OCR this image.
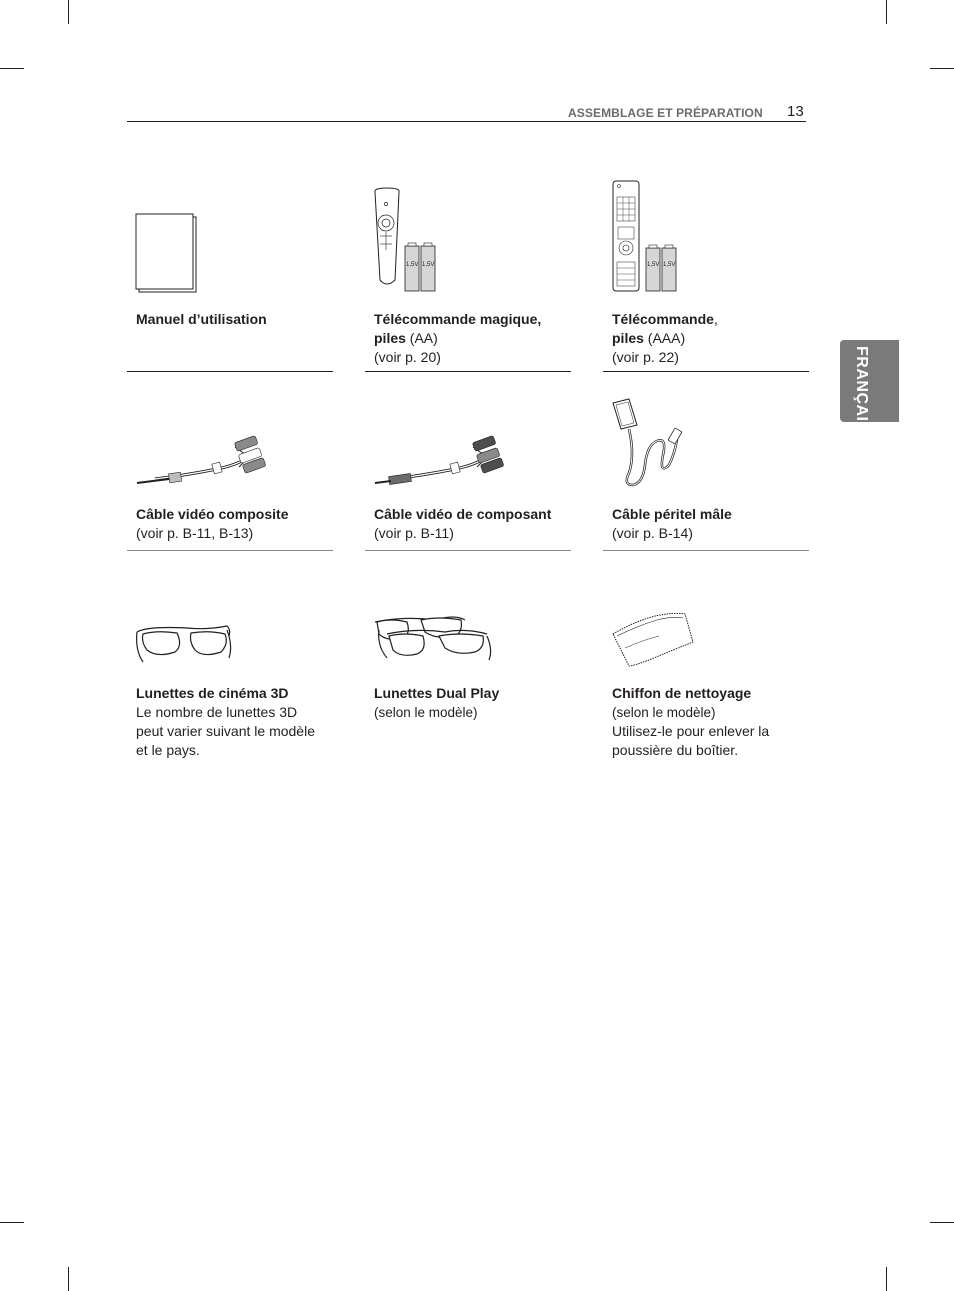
ASSEMBLAGE ET PRÉPARATION 13
FRANÇAIS
Manuel d’utilisation
1,5V 1,5V
Télécommande magique,
piles (AA)
(voir p. 20)
1,5V 1,5V
Télécommande,
piles (AAA)
(voir p. 22)
Câble vidéo composite
(voir p. B-11, B-13)
Câble vidéo de composant
(voir p. B-11)
Câble péritel mâle
(voir p. B-14)
Lunettes de cinéma 3D
Le nombre de lunettes 3D
peut varier suivant le modèle
et le pays.
Lunettes Dual Play
(selon le modèle)
Chiffon de nettoyage
(selon le modèle)
Utilisez-le pour enlever la
poussière du boîtier.
